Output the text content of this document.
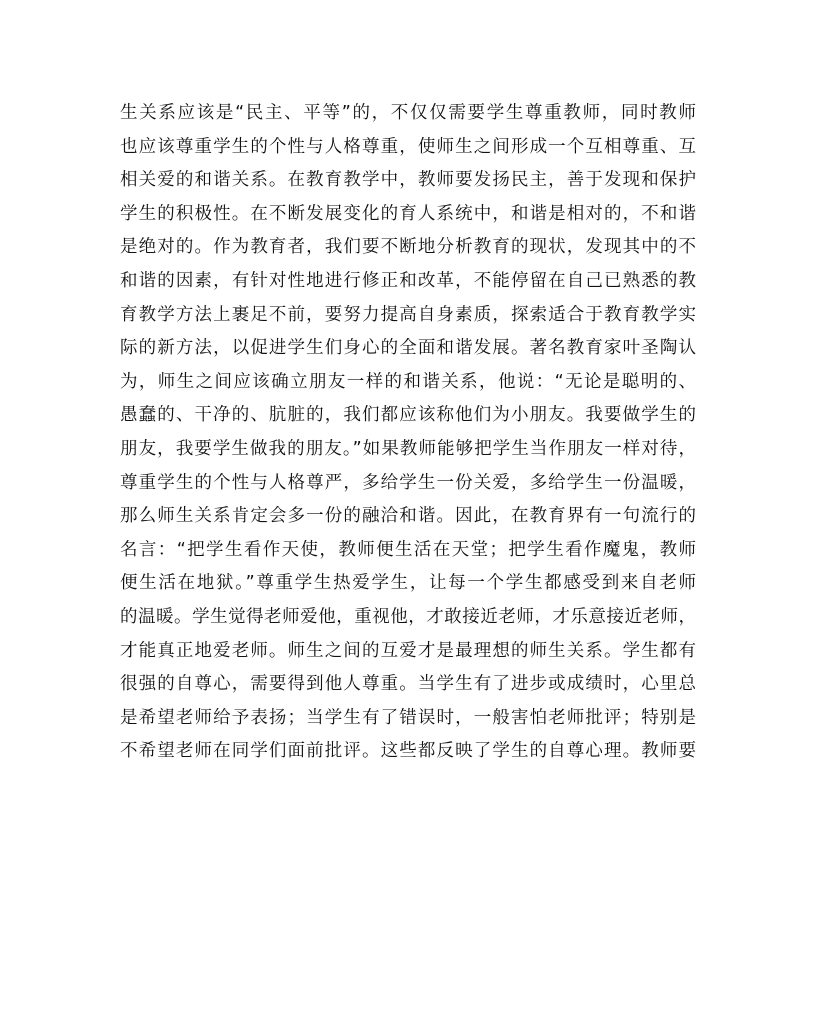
生关系应该是“民主、平等”的，不仅仅需要学生尊重教师，同时教师
也应该尊重学生的个性与人格尊重，使师生之间形成一个互相尊重、互
相关爱的和谐关系。在教育教学中，教师要发扬民主，善于发现和保护
学生的积极性。在不断发展变化的育人系统中，和谐是相对的，不和谐
是绝对的。作为教育者，我们要不断地分析教育的现状，发现其中的不
和谐的因素，有针对性地进行修正和改革，不能停留在自己已熟悉的教
育教学方法上裹足不前，要努力提高自身素质，探索适合于教育教学实
际的新方法，以促进学生们身心的全面和谐发展。著名教育家叶圣陶认
为，师生之间应该确立朋友一样的和谐关系，他说：“无论是聪明的、
愚蠢的、干净的、肮脏的，我们都应该称他们为小朋友。我要做学生的
朋友，我要学生做我的朋友。”如果教师能够把学生当作朋友一样对待，
尊重学生的个性与人格尊严，多给学生一份关爱，多给学生一份温暖，
那么师生关系肯定会多一份的融洽和谐。因此，在教育界有一句流行的
名言：“把学生看作天使，教师便生活在天堂；把学生看作魔鬼，教师
便生活在地狱。”尊重学生热爱学生，让每一个学生都感受到来自老师
的温暖。学生觉得老师爱他，重视他，才敢接近老师，才乐意接近老师，
才能真正地爱老师。师生之间的互爱才是最理想的师生关系。学生都有
很强的自尊心，需要得到他人尊重。当学生有了进步或成绩时，心里总
是希望老师给予表扬；当学生有了错误时，一般害怕老师批评；特别是
不希望老师在同学们面前批评。这些都反映了学生的自尊心理。教师要
